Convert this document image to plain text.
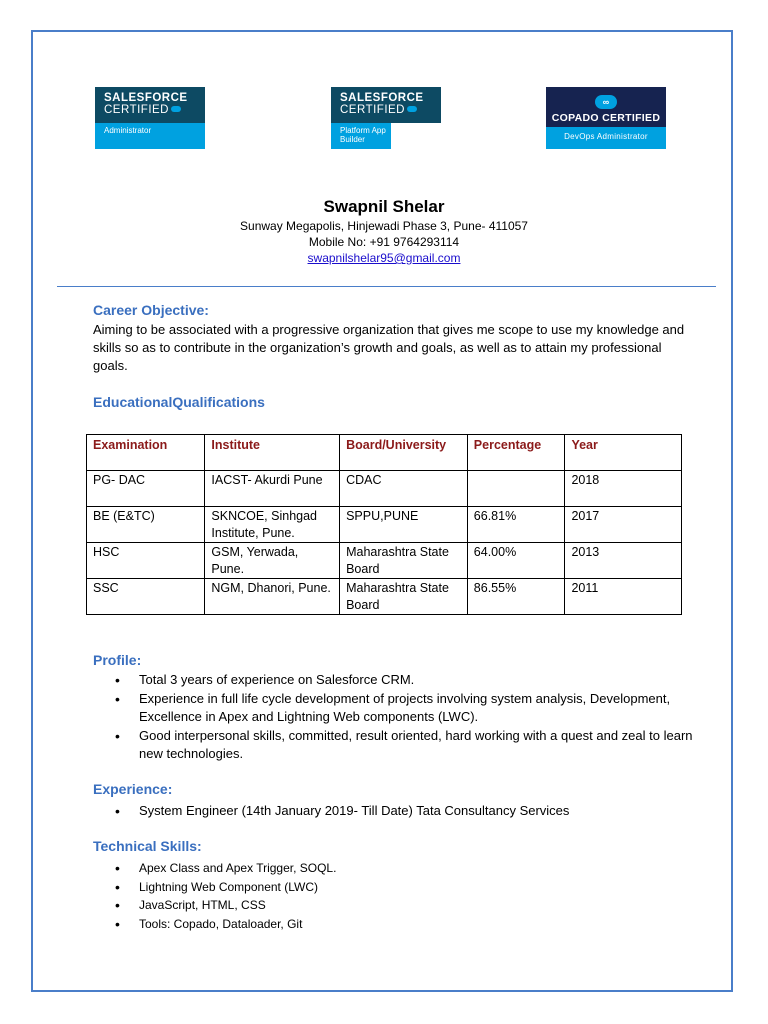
SALESFORCE
CERTIFIED
Administrator
SALESFORCE
CERTIFIED
Platform App Builder
∞
COPADO CERTIFIED
DevOps Administrator
Swapnil Shelar
Sunway Megapolis, Hinjewadi Phase 3, Pune- 411057
Mobile No: +91 9764293114
swapnilshelar95@gmail.com
Career Objective:
Aiming to be associated with a progressive organization that gives me scope to use my knowledge and skills so as to contribute in the organization’s growth and goals, as well as to attain my professional goals.
EducationalQualifications
Examination	Institute	Board/University	Percentage	Year
PG- DAC	IACST- Akurdi Pune	CDAC		2018
BE (E&TC)	SKNCOE, Sinhgad Institute, Pune.	SPPU,PUNE	66.81%	2017
HSC	GSM, Yerwada, Pune.	Maharashtra State Board	64.00%	2013
SSC	NGM, Dhanori, Pune.	Maharashtra State Board	86.55%	2011
Profile:
• Total 3 years of experience on Salesforce CRM.
• Experience in full life cycle development of projects involving system analysis, Development, Excellence in Apex and Lightning Web components (LWC).
• Good interpersonal skills, committed, result oriented, hard working with a quest and zeal to learn new technologies.
Experience:
• System Engineer (14th January 2019- Till Date) Tata Consultancy Services
Technical Skills:
• Apex Class and Apex Trigger, SOQL.
• Lightning Web Component (LWC)
• JavaScript, HTML, CSS
• Tools: Copado, Dataloader, Git
